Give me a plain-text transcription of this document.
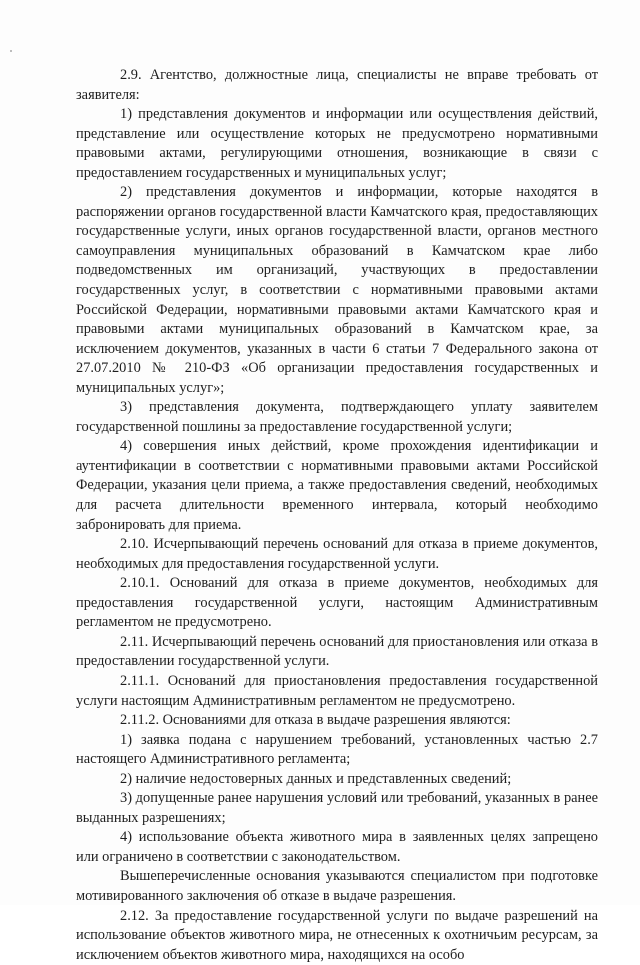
2.9. Агентство, должностные лица, специалисты не вправе требовать от заявителя:

1) представления документов и информации или осуществления действий, представление или осуществление которых не предусмотрено нормативными правовыми актами, регулирующими отношения, возникающие в связи с предоставлением государственных и муниципальных услуг;

2) представления документов и информации, которые находятся в распоряжении органов государственной власти Камчатского края, предоставляющих государственные услуги, иных органов государственной власти, органов местного самоуправления муниципальных образований в Камчатском крае либо подведомственных им организаций, участвующих в предоставлении государственных услуг, в соответствии с нормативными правовыми актами Российской Федерации, нормативными правовыми актами Камчатского края и правовыми актами муниципальных образований в Камчатском крае, за исключением документов, указанных в части 6 статьи 7 Федерального закона от 27.07.2010 № 210-ФЗ «Об организации предоставления государственных и муниципальных услуг»;

3) представления документа, подтверждающего уплату заявителем государственной пошлины за предоставление государственной услуги;

4) совершения иных действий, кроме прохождения идентификации и аутентификации в соответствии с нормативными правовыми актами Российской Федерации, указания цели приема, а также предоставления сведений, необходимых для расчета длительности временного интервала, который необходимо забронировать для приема.

2.10. Исчерпывающий перечень оснований для отказа в приеме документов, необходимых для предоставления государственной услуги.

2.10.1. Оснований для отказа в приеме документов, необходимых для предоставления государственной услуги, настоящим Административным регламентом не предусмотрено.

2.11. Исчерпывающий перечень оснований для приостановления или отказа в предоставлении государственной услуги.

2.11.1. Оснований для приостановления предоставления государственной услуги настоящим Административным регламентом не предусмотрено.

2.11.2. Основаниями для отказа в выдаче разрешения являются:

1) заявка подана с нарушением требований, установленных частью 2.7 настоящего Административного регламента;

2) наличие недостоверных данных и представленных сведений;

3) допущенные ранее нарушения условий или требований, указанных в ранее выданных разрешениях;

4) использование объекта животного мира в заявленных целях запрещено или ограничено в соответствии с законодательством.

Вышеперечисленные основания указываются специалистом при подготовке мотивированного заключения об отказе в выдаче разрешения.

2.12. За предоставление государственной услуги по выдаче разрешений на использование объектов животного мира, не отнесенных к охотничьим ресурсам, за исключением объектов животного мира, находящихся на особо
